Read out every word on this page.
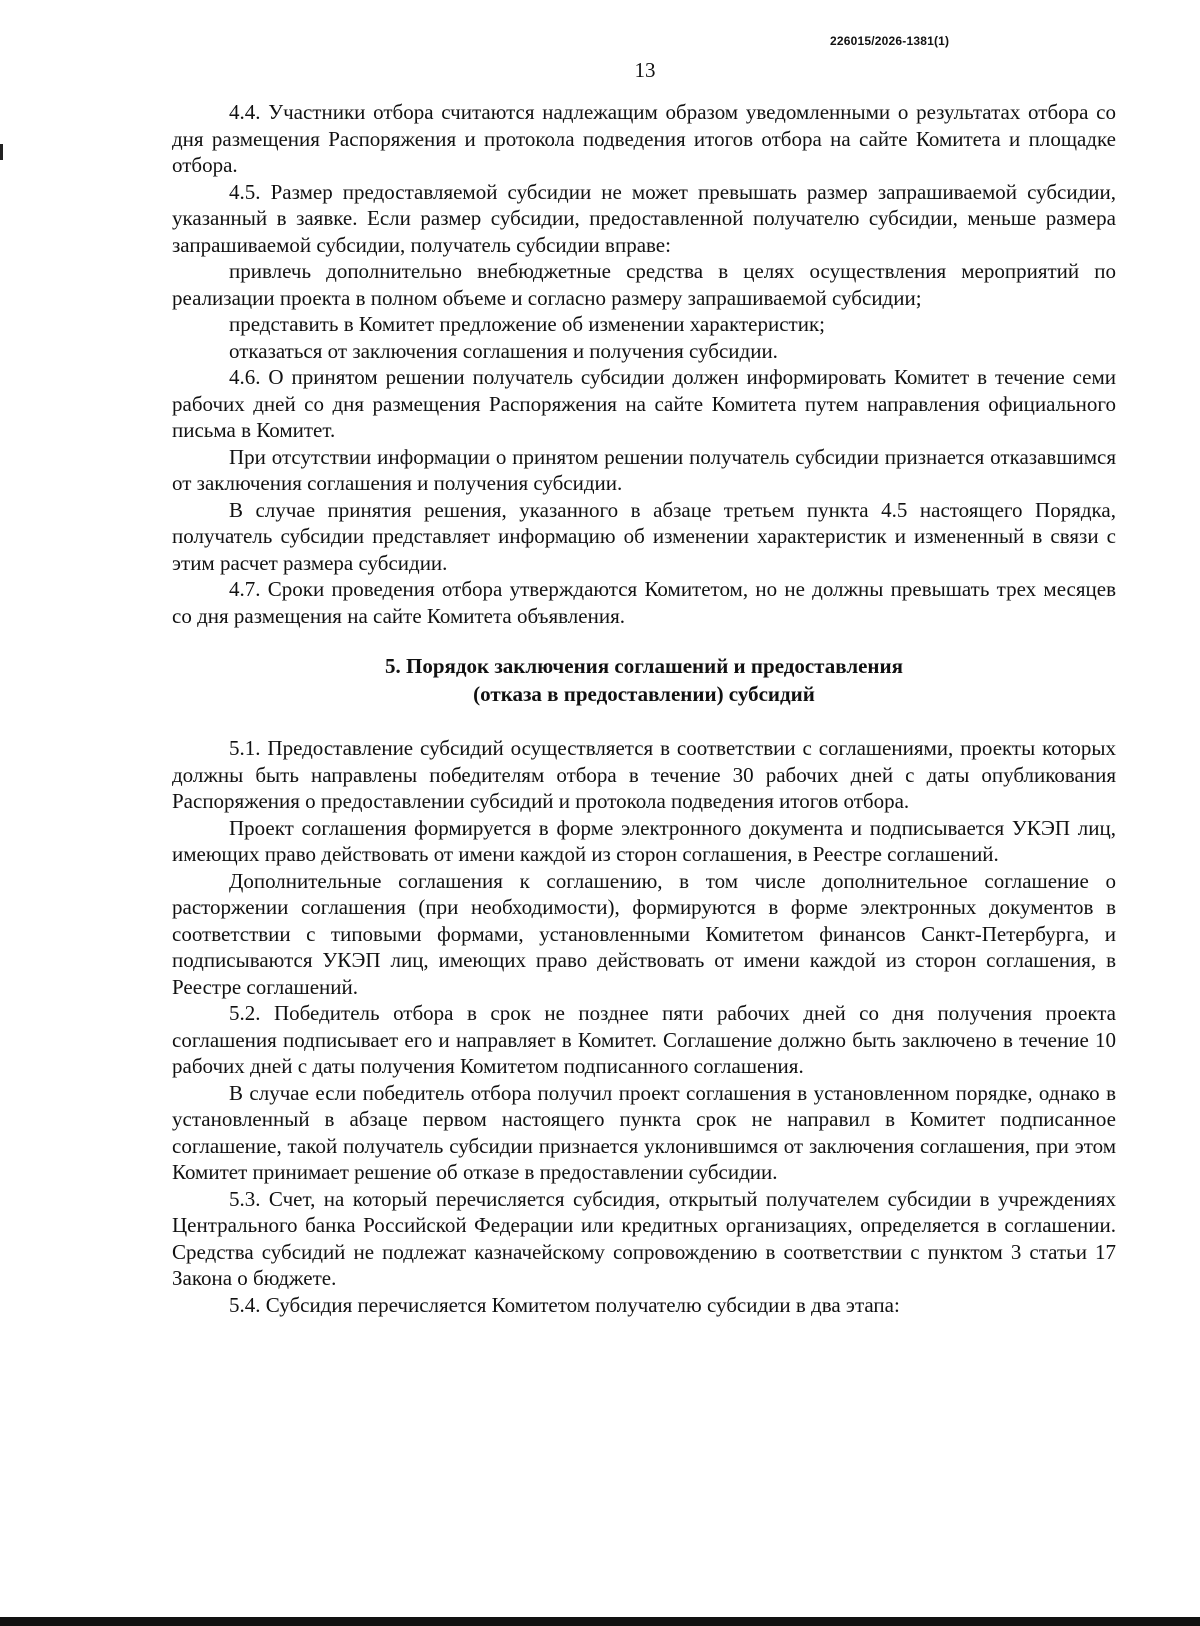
226015/2026-1381(1)
13

4.4. Участники отбора считаются надлежащим образом уведомленными о результатах отбора со дня размещения Распоряжения и протокола подведения итогов отбора на сайте Комитета и площадке отбора.

4.5. Размер предоставляемой субсидии не может превышать размер запрашиваемой субсидии, указанный в заявке. Если размер субсидии, предоставленной получателю субсидии, меньше размера запрашиваемой субсидии, получатель субсидии вправе:

привлечь дополнительно внебюджетные средства в целях осуществления мероприятий по реализации проекта в полном объеме и согласно размеру запрашиваемой субсидии;

представить в Комитет предложение об изменении характеристик;

отказаться от заключения соглашения и получения субсидии.

4.6. О принятом решении получатель субсидии должен информировать Комитет в течение семи рабочих дней со дня размещения Распоряжения на сайте Комитета путем направления официального письма в Комитет.

При отсутствии информации о принятом решении получатель субсидии признается отказавшимся от заключения соглашения и получения субсидии.

В случае принятия решения, указанного в абзаце третьем пункта 4.5 настоящего Порядка, получатель субсидии представляет информацию об изменении характеристик и измененный в связи с этим расчет размера субсидии.

4.7. Сроки проведения отбора утверждаются Комитетом, но не должны превышать трех месяцев со дня размещения на сайте Комитета объявления.

5. Порядок заключения соглашений и предоставления
(отказа в предоставлении) субсидий

5.1. Предоставление субсидий осуществляется в соответствии с соглашениями, проекты которых должны быть направлены победителям отбора в течение 30 рабочих дней с даты опубликования Распоряжения о предоставлении субсидий и протокола подведения итогов отбора.

Проект соглашения формируется в форме электронного документа и подписывается УКЭП лиц, имеющих право действовать от имени каждой из сторон соглашения, в Реестре соглашений.

Дополнительные соглашения к соглашению, в том числе дополнительное соглашение о расторжении соглашения (при необходимости), формируются в форме электронных документов в соответствии с типовыми формами, установленными Комитетом финансов Санкт-Петербурга, и подписываются УКЭП лиц, имеющих право действовать от имени каждой из сторон соглашения, в Реестре соглашений.

5.2. Победитель отбора в срок не позднее пяти рабочих дней со дня получения проекта соглашения подписывает его и направляет в Комитет. Соглашение должно быть заключено в течение 10 рабочих дней с даты получения Комитетом подписанного соглашения.

В случае если победитель отбора получил проект соглашения в установленном порядке, однако в установленный в абзаце первом настоящего пункта срок не направил в Комитет подписанное соглашение, такой получатель субсидии признается уклонившимся от заключения соглашения, при этом Комитет принимает решение об отказе в предоставлении субсидии.

5.3. Счет, на который перечисляется субсидия, открытый получателем субсидии в учреждениях Центрального банка Российской Федерации или кредитных организациях, определяется в соглашении. Средства субсидий не подлежат казначейскому сопровождению в соответствии с пунктом 3 статьи 17 Закона о бюджете.

5.4. Субсидия перечисляется Комитетом получателю субсидии в два этапа:
